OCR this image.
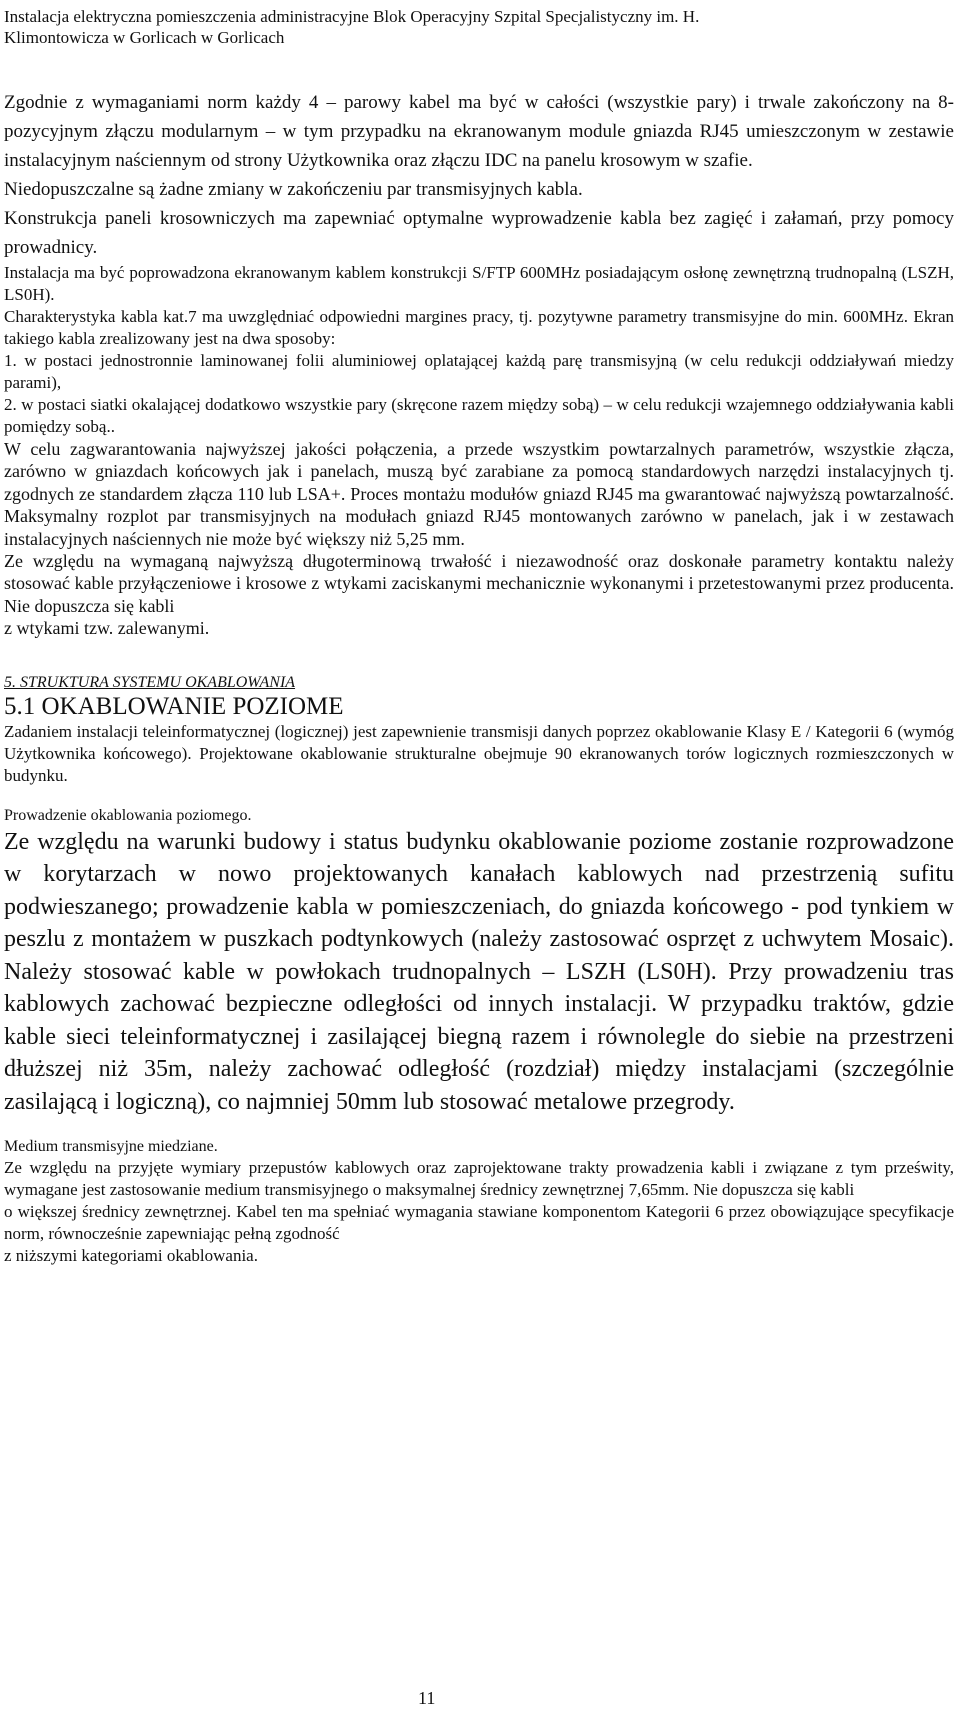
Instalacja elektryczna pomieszczenia administracyjne Blok Operacyjny Szpital Specjalistyczny im. H.
Klimontowicza w Gorlicach w Gorlicach

Zgodnie z wymaganiami norm każdy 4 – parowy kabel ma być w całości (wszystkie pary) i trwale zakończony na 8-pozycyjnym złączu modularnym – w tym przypadku na ekranowanym module gniazda RJ45 umieszczonym w zestawie instalacyjnym naściennym od strony Użytkownika oraz złączu IDC na panelu krosowym w szafie.

Niedopuszczalne są żadne zmiany w zakończeniu par transmisyjnych kabla.

Konstrukcja paneli krosowniczych ma zapewniać optymalne wyprowadzenie kabla bez zagięć i załamań, przy pomocy prowadnicy.

Instalacja ma być poprowadzona ekranowanym kablem konstrukcji S/FTP 600MHz posiadającym osłonę zewnętrzną trudnopalną (LSZH, LS0H).

Charakterystyka kabla kat.7 ma uwzględniać odpowiedni margines pracy, tj. pozytywne parametry transmisyjne do min. 600MHz. Ekran takiego kabla zrealizowany jest na dwa sposoby:

1. w postaci jednostronnie laminowanej folii aluminiowej oplatającej każdą parę transmisyjną (w celu redukcji oddziaływań miedzy parami),

2. w postaci siatki okalającej dodatkowo wszystkie pary (skręcone razem między sobą) – w celu redukcji wzajemnego oddziaływania kabli pomiędzy sobą..

W celu zagwarantowania najwyższej jakości połączenia, a przede wszystkim powtarzalnych parametrów, wszystkie złącza, zarówno w gniazdach końcowych jak i panelach, muszą być zarabiane za pomocą standardowych narzędzi instalacyjnych tj. zgodnych ze standardem złącza 110 lub LSA+. Proces montażu modułów gniazd RJ45 ma gwarantować najwyższą powtarzalność. Maksymalny rozplot par transmisyjnych na modułach gniazd RJ45 montowanych zarówno w panelach, jak i w zestawach instalacyjnych naściennych nie może być większy niż 5,25 mm.

Ze względu na wymaganą najwyższą długoterminową trwałość i niezawodność oraz doskonałe parametry kontaktu należy stosować kable przyłączeniowe i krosowe z wtykami zaciskanymi mechanicznie wykonanymi i przetestowanymi przez producenta. Nie dopuszcza się kabli

z wtykami tzw. zalewanymi.

5. STRUKTURA SYSTEMU OKABLOWANIA
5.1 OKABLOWANIE POZIOME

Zadaniem instalacji teleinformatycznej (logicznej) jest zapewnienie transmisji danych poprzez okablowanie Klasy E / Kategorii 6 (wymóg Użytkownika końcowego). Projektowane okablowanie strukturalne obejmuje 90 ekranowanych torów logicznych rozmieszczonych w budynku.

Prowadzenie okablowania poziomego.

Ze względu na warunki budowy i status budynku okablowanie poziome zostanie rozprowadzone w korytarzach w nowo projektowanych kanałach kablowych nad przestrzenią sufitu podwieszanego; prowadzenie kabla w pomieszczeniach, do gniazda końcowego - pod tynkiem w peszlu z montażem w puszkach podtynkowych (należy zastosować osprzęt z uchwytem Mosaic). Należy stosować kable w powłokach trudnopalnych – LSZH (LS0H). Przy prowadzeniu tras kablowych zachować bezpieczne odległości od innych instalacji. W przypadku traktów, gdzie kable sieci teleinformatycznej i zasilającej biegną razem i równolegle do siebie na przestrzeni dłuższej niż 35m, należy zachować odległość (rozdział) między instalacjami (szczególnie zasilającą i logiczną), co najmniej 50mm lub stosować metalowe przegrody.

Medium transmisyjne miedziane.

Ze względu na przyjęte wymiary przepustów kablowych oraz zaprojektowane trakty prowadzenia kabli i związane z tym prześwity, wymagane jest zastosowanie medium transmisyjnego o maksymalnej średnicy zewnętrznej 7,65mm. Nie dopuszcza się kabli

o większej średnicy zewnętrznej. Kabel ten ma spełniać wymagania stawiane komponentom Kategorii 6 przez obowiązujące specyfikacje norm, równocześnie zapewniając pełną zgodność

z niższymi kategoriami okablowania.

11
